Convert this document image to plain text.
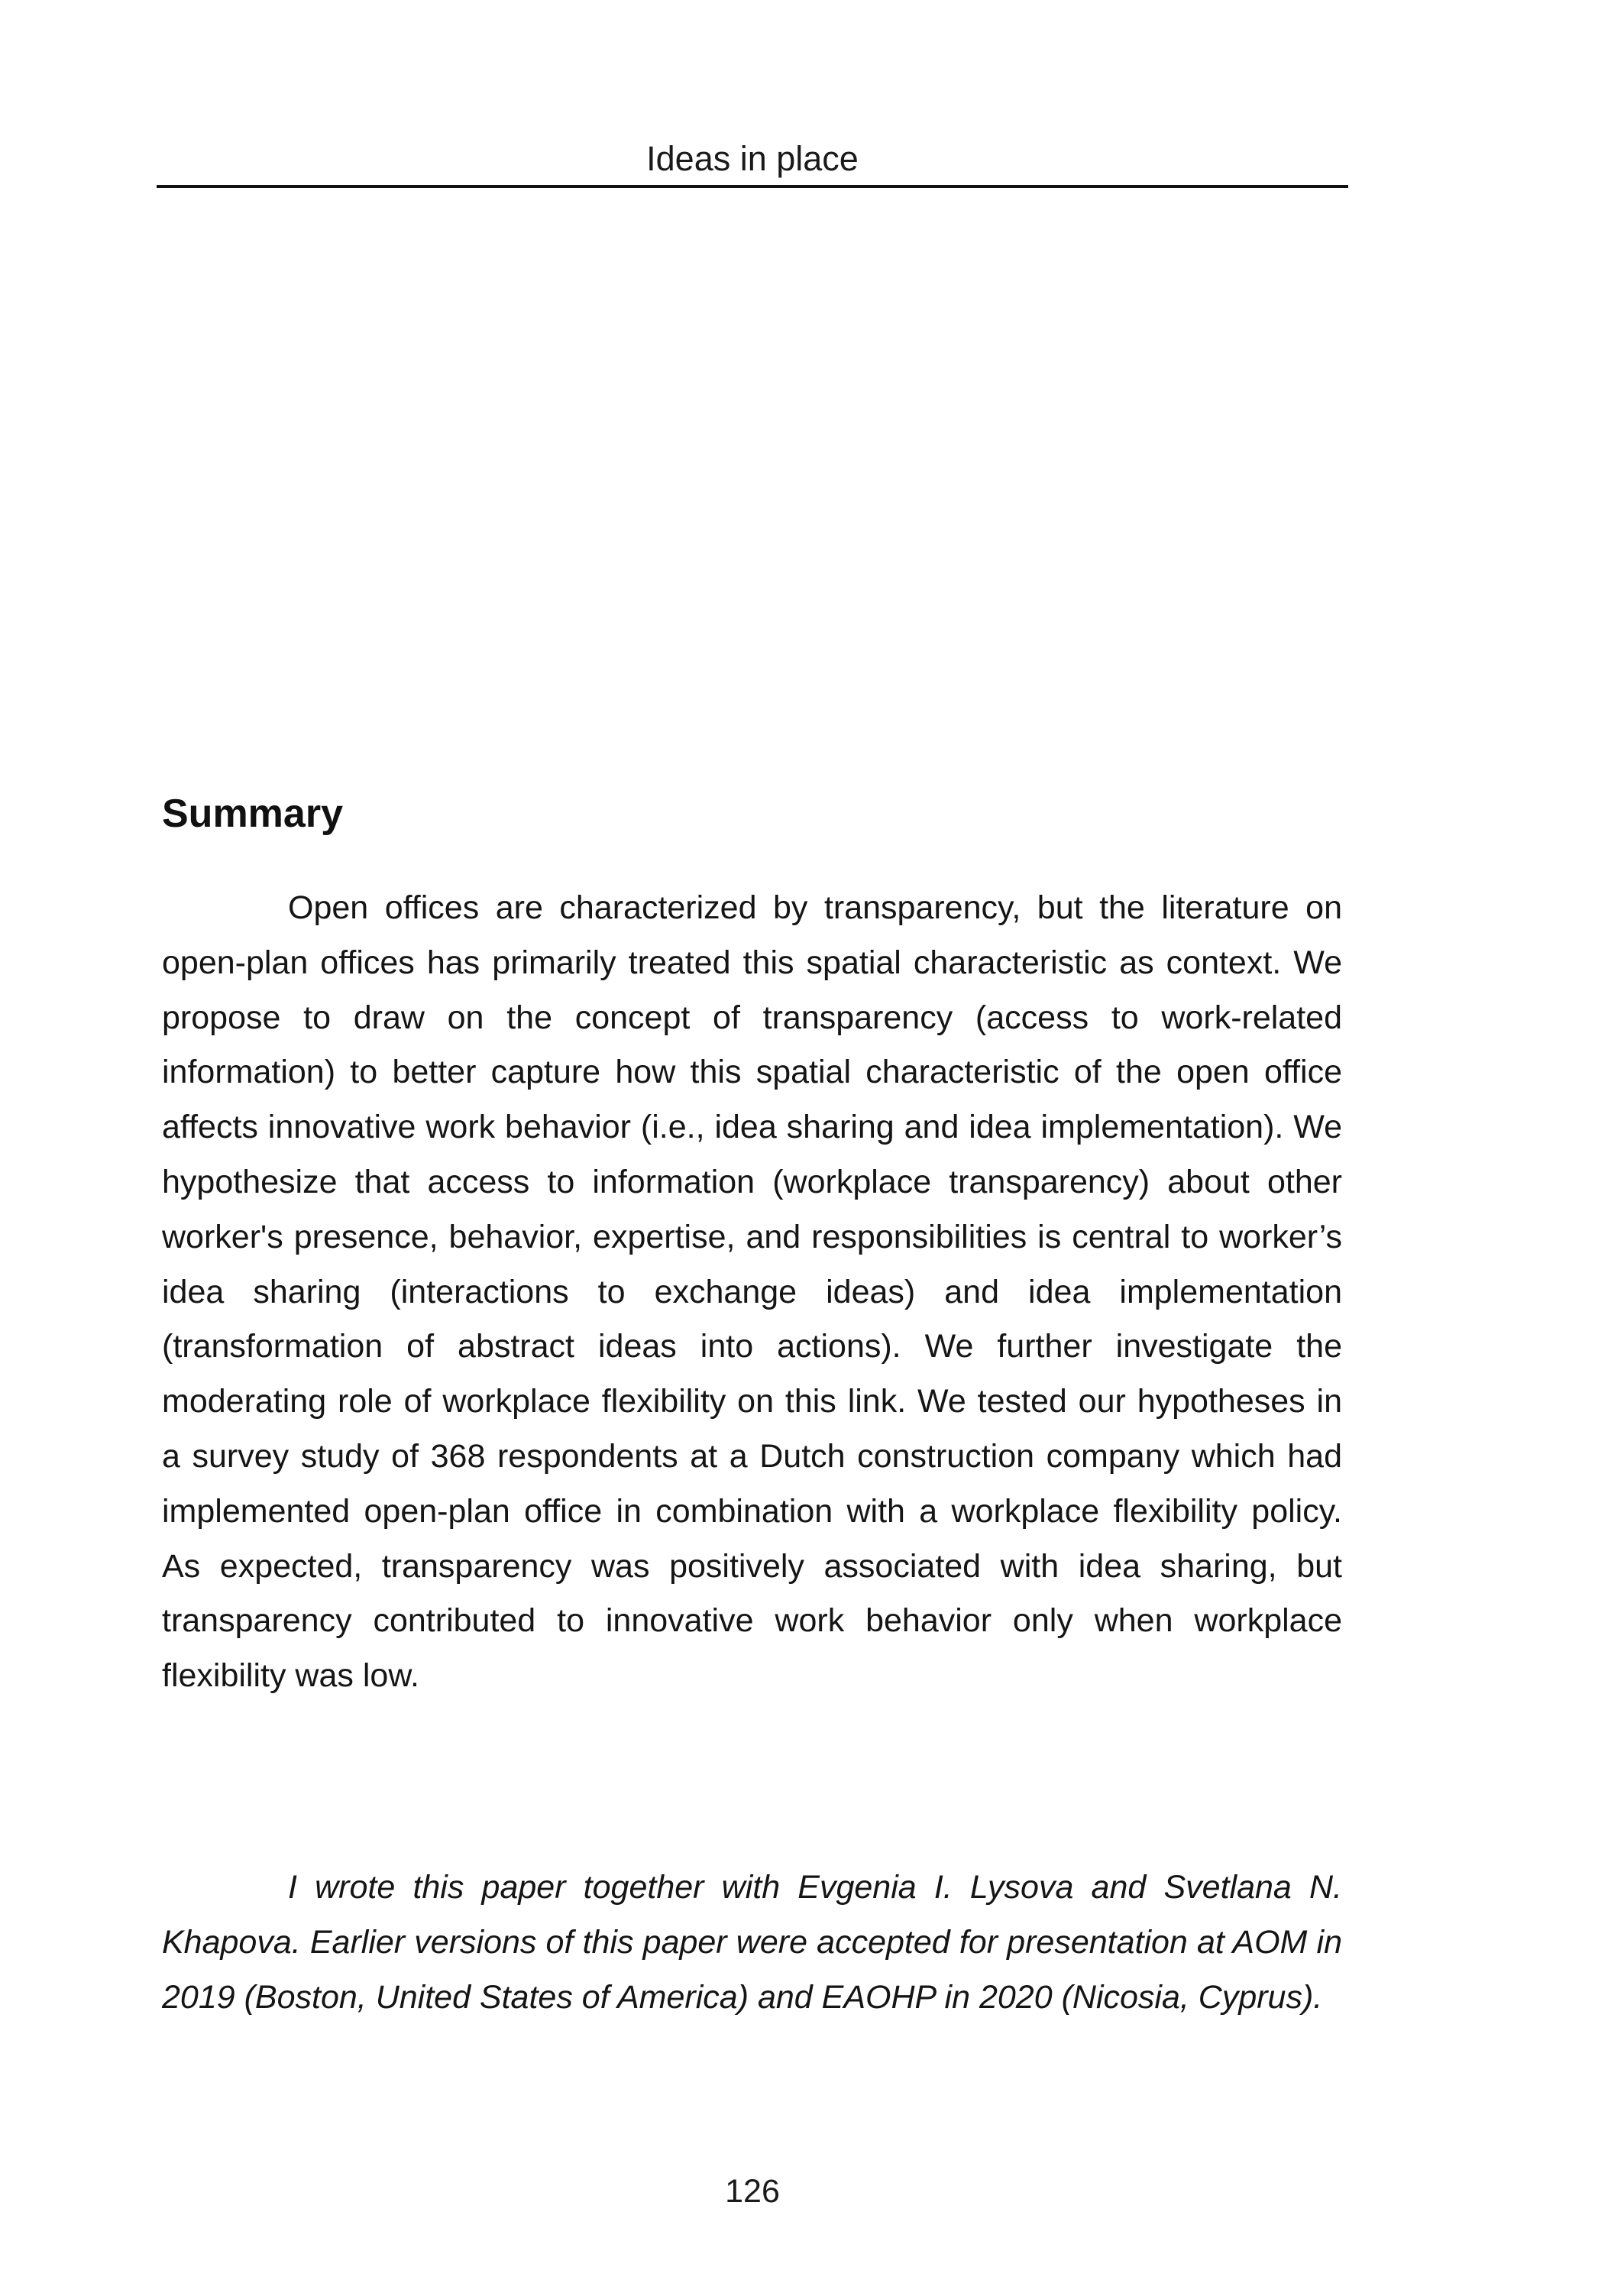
Ideas in place
Summary

Open offices are characterized by transparency, but the literature on open-plan offices has primarily treated this spatial characteristic as context. We propose to draw on the concept of transparency (access to work-related information) to better capture how this spatial characteristic of the open office affects innovative work behavior (i.e., idea sharing and idea implementation). We hypothesize that access to information (workplace transparency) about other worker's presence, behavior, expertise, and responsibilities is central to worker’s idea sharing (interactions to exchange ideas) and idea implementation (transformation of abstract ideas into actions). We further investigate the moderating role of workplace flexibility on this link. We tested our hypotheses in a survey study of 368 respondents at a Dutch construction company which had implemented open-plan office in combination with a workplace flexibility policy. As expected, transparency was positively associated with idea sharing, but transparency contributed to innovative work behavior only when workplace flexibility was low.

I wrote this paper together with Evgenia I. Lysova and Svetlana N. Khapova. Earlier versions of this paper were accepted for presentation at AOM in 2019 (Boston, United States of America) and EAOHP in 2020 (Nicosia, Cyprus).

126
